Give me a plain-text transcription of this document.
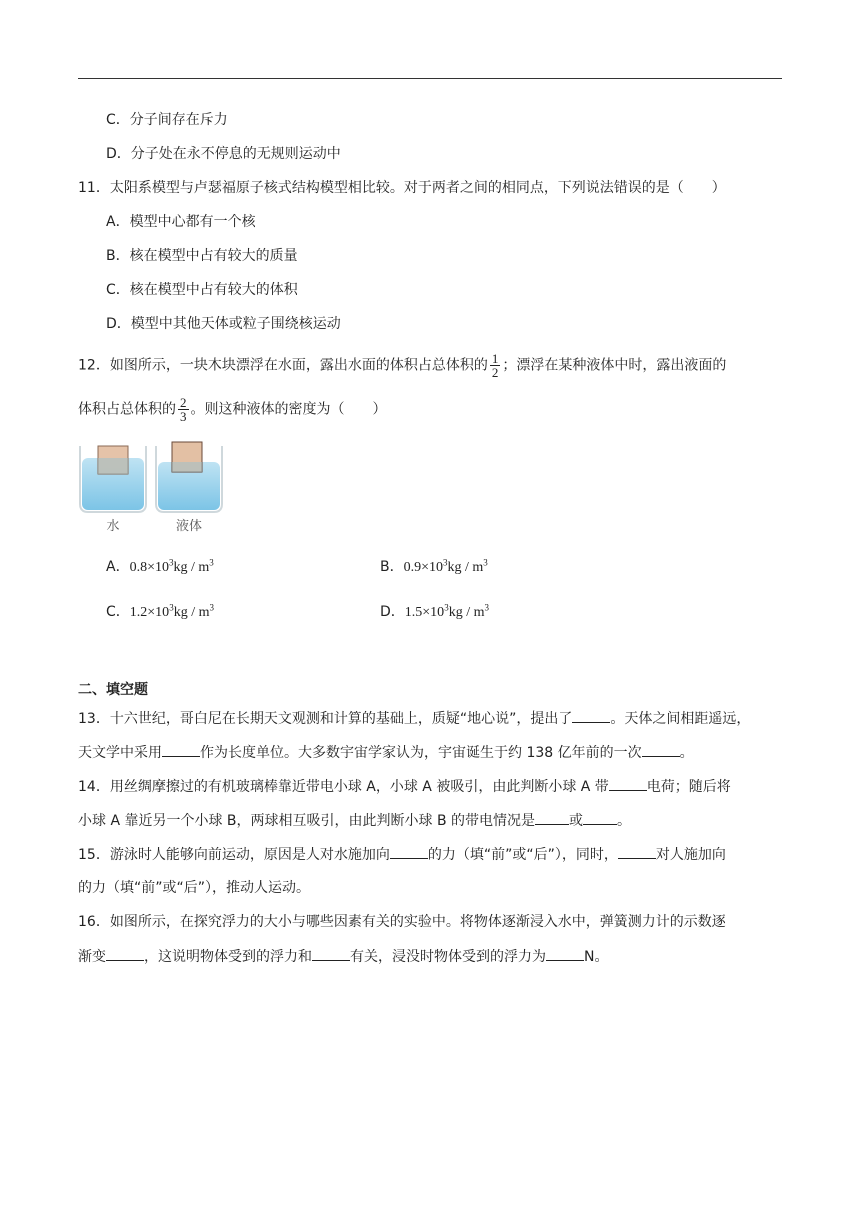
C．分子间存在斥力
D．分子处在永不停息的无规则运动中
11．太阳系模型与卢瑟福原子核式结构模型相比较。对于两者之间的相同点，下列说法错误的是（　　）
A．模型中心都有一个核
B．核在模型中占有较大的质量
C．核在模型中占有较大的体积
D．模型中其他天体或粒子围绕核运动
12．如图所示，一块木块漂浮在水面，露出水面的体积占总体积的 $\frac{1}{2}$ ；漂浮在某种液体中时，露出液面的
体积占总体积的 $\frac{2}{3}$ 。则这种液体的密度为（　　）
水	液体
A．$0.8\times 10^3kg / m^3$	B．$0.9\times 10^3kg / m^3$
C．$1.2\times 10^3kg / m^3$	D．$1.5\times 10^3kg / m^3$
二、填空题
13．十六世纪，哥白尼在长期天文观测和计算的基础上，质疑“地心说”，提出了	。天体之间相距遥远，
天文学中采用	作为长度单位。大多数宇宙学家认为，宇宙诞生于约 138 亿年前的一次	。
14．用丝绸摩擦过的有机玻璃棒靠近带电小球 A，小球 A 被吸引，由此判断小球 A 带	电荷；随后将
小球 A 靠近另一个小球 B，两球相互吸引，由此判断小球 B 的带电情况是 或 。
15．游泳时人能够向前运动，原因是人对水施加向	的力（填“前”或“后”），同时，	对人施加向
的力（填“前”或“后”），推动人运动。
16．如图所示，在探究浮力的大小与哪些因素有关的实验中。将物体逐渐浸入水中，弹簧测力计的示数逐
渐变	，这说明物体受到的浮力和	有关，浸没时物体受到的浮力为	N。
